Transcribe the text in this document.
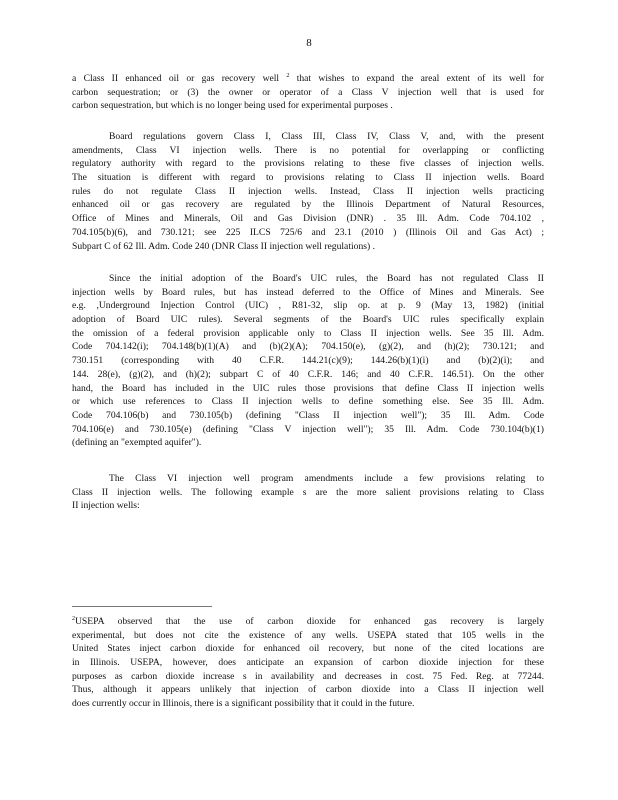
8
a Class II enhanced oil or gas recovery well $^2$ that wishes to expand the areal extent of its well for
carbon sequestration; or (3) the owner or operator of a Class V injection well that is used for
carbon sequestration, but which is no longer being used for experimental purposes .
Board regulations govern Class I, Class III, Class IV, Class V, and, with the present
amendments, Class VI injection wells. There is no potential for overlapping or conflicting
regulatory authority with regard to the provisions relating to these five classes of injection wells.
The situation is different with regard to provisions relating to Class II injection wells. Board
rules do not regulate Class II injection wells. Instead, Class II injection wells practicing
enhanced oil or gas recovery are regulated by the Illinois Department of Natural Resources,
Office of Mines and Minerals, Oil and Gas Division (DNR) . 35 Ill. Adm. Code 704.102 ,
704.105(b)(6), and 730.121; see 225 ILCS 725/6 and 23.1 (2010 ) (Illinois Oil and Gas Act) ;
Subpart C of 62 Ill. Adm. Code 240 (DNR Class II injection well regulations) .
Since the initial adoption of the Board's UIC rules, the Board has not regulated Class II
injection wells by Board rules, but has instead deferred to the Office of Mines and Minerals. See
e.g. ,Underground Injection Control (UIC) , R81-32, slip op. at p. 9 (May 13, 1982) (initial
adoption of Board UIC rules). Several segments of the Board's UIC rules specifically explain
the omission of a federal provision applicable only to Class II injection wells. See 35 Ill. Adm.
Code 704.142(i); 704.148(b)(1)(A) and (b)(2)(A); 704.150(e), (g)(2), and (h)(2); 730.121; and
730.151 (corresponding with 40 C.F.R. 144.21(c)(9); 144.26(b)(1)(i) and (b)(2)(i); and
144. 28(e), (g)(2), and (h)(2); subpart C of 40 C.F.R. 146; and 40 C.F.R. 146.51). On the other
hand, the Board has included in the UIC rules those provisions that define Class II injection wells
or which use references to Class II injection wells to define something else. See 35 Ill. Adm.
Code 704.106(b) and 730.105(b) (defining "Class II injection well"); 35 Ill. Adm. Code
704.106(e) and 730.105(e) (defining "Class V injection well"); 35 Ill. Adm. Code 730.104(b)(1)
(defining an "exempted aquifer").
The Class VI injection well program amendments include a few provisions relating to
Class II injection wells. The following example s are the more salient provisions relating to Class
II injection wells:
$^2$USEPA observed that the use of carbon dioxide for enhanced gas recovery is largely
experimental, but does not cite the existence of any wells. USEPA stated that 105 wells in the
United States inject carbon dioxide for enhanced oil recovery, but none of the cited locations are
in Illinois. USEPA, however, does anticipate an expansion of carbon dioxide injection for these
purposes as carbon dioxide increase s in availability and decreases in cost. 75 Fed. Reg. at 77244.
Thus, although it appears unlikely that injection of carbon dioxide into a Class II injection well
does currently occur in Illinois, there is a significant possibility that it could in the future.
